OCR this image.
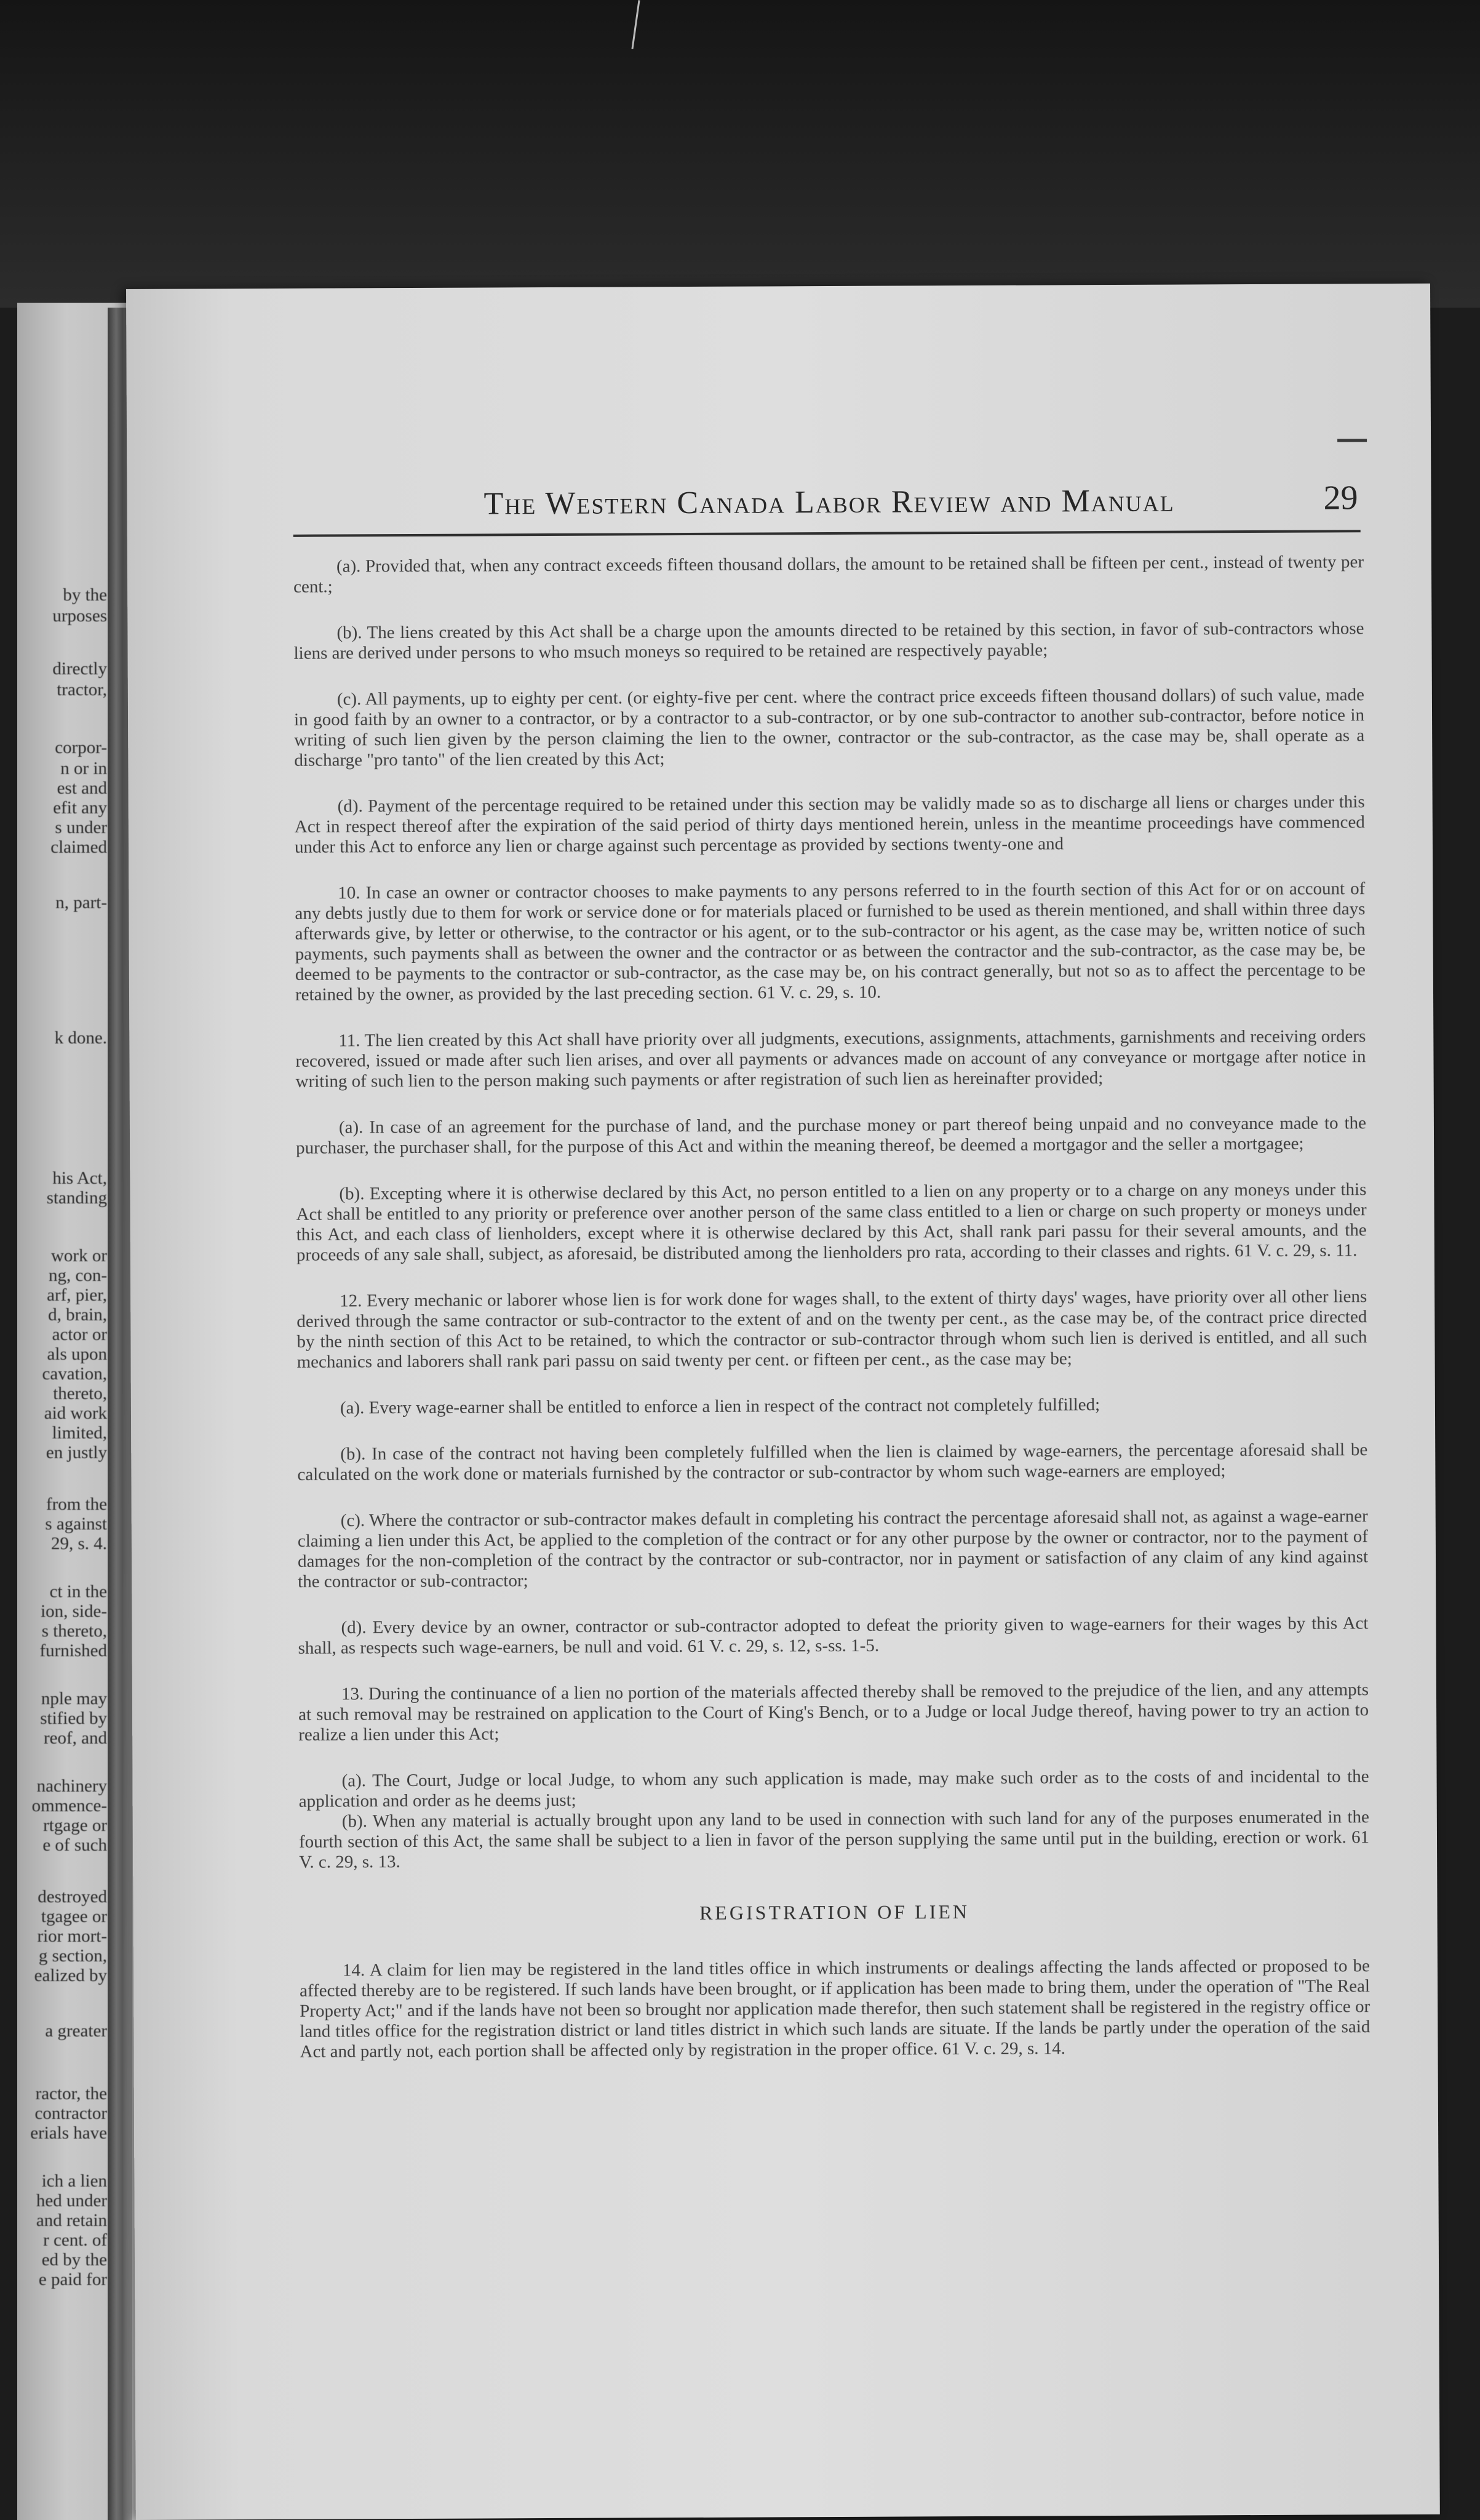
by the
urposes
directly
tractor,
corpor-
n or in
est and
efit any
s under
claimed
n, part-
k done.
his Act,
standing
work or
ng, con-
arf, pier,
d, brain,
actor or
als upon
cavation,
thereto,
aid work
limited,
en justly
from the
s against
29, s. 4.
ct in the
ion, side-
s thereto,
furnished
nple may
stified by
reof, and
nachinery
ommence-
rtgage or
e of such
destroyed
tgagee or
rior mort-
g section,
ealized by
a greater
ractor, the
contractor
erials have
ich a lien
hed under
and retain
r cent. of
ed by the
e paid for
The Western Canada Labor Review and Manual	29

(a). Provided that, when any contract exceeds fifteen thousand dollars, the amount to be retained shall be fifteen per cent., instead of twenty per cent.;

(b). The liens created by this Act shall be a charge upon the amounts directed to be retained by this section, in favor of sub-contractors whose liens are derived under persons to who msuch moneys so required to be retained are respectively payable;

(c). All payments, up to eighty per cent. (or eighty-five per cent. where the contract price exceeds fifteen thousand dollars) of such value, made in good faith by an owner to a contractor, or by a contractor to a sub-contractor, or by one sub-contractor to another sub-contractor, before notice in writing of such lien given by the person claiming the lien to the owner, contractor or the sub-contractor, as the case may be, shall operate as a discharge "pro tanto" of the lien created by this Act;

(d). Payment of the percentage required to be retained under this section may be validly made so as to discharge all liens or charges under this Act in respect thereof after the expiration of the said period of thirty days mentioned herein, unless in the meantime proceedings have commenced under this Act to enforce any lien or charge against such percentage as provided by sections twenty-one and

10. In case an owner or contractor chooses to make payments to any persons referred to in the fourth section of this Act for or on account of any debts justly due to them for work or service done or for materials placed or furnished to be used as therein mentioned, and shall within three days afterwards give, by letter or otherwise, to the contractor or his agent, or to the sub-contractor or his agent, as the case may be, written notice of such payments, such payments shall as between the owner and the contractor or as between the contractor and the sub-contractor, as the case may be, be deemed to be payments to the contractor or sub-contractor, as the case may be, on his contract generally, but not so as to affect the percentage to be retained by the owner, as provided by the last preceding section. 61 V. c. 29, s. 10.

11. The lien created by this Act shall have priority over all judgments, executions, assignments, attachments, garnishments and receiving orders recovered, issued or made after such lien arises, and over all payments or advances made on account of any conveyance or mortgage after notice in writing of such lien to the person making such payments or after registration of such lien as hereinafter provided;

(a). In case of an agreement for the purchase of land, and the purchase money or part thereof being unpaid and no conveyance made to the purchaser, the purchaser shall, for the purpose of this Act and within the meaning thereof, be deemed a mortgagor and the seller a mortgagee;

(b). Excepting where it is otherwise declared by this Act, no person entitled to a lien on any property or to a charge on any moneys under this Act shall be entitled to any priority or preference over another person of the same class entitled to a lien or charge on such property or moneys under this Act, and each class of lienholders, except where it is otherwise declared by this Act, shall rank pari passu for their several amounts, and the proceeds of any sale shall, subject, as aforesaid, be distributed among the lienholders pro rata, according to their classes and rights. 61 V. c. 29, s. 11.

12. Every mechanic or laborer whose lien is for work done for wages shall, to the extent of thirty days' wages, have priority over all other liens derived through the same contractor or sub-contractor to the extent of and on the twenty per cent., as the case may be, of the contract price directed by the ninth section of this Act to be retained, to which the contractor or sub-contractor through whom such lien is derived is entitled, and all such mechanics and laborers shall rank pari passu on said twenty per cent. or fifteen per cent., as the case may be;

(a). Every wage-earner shall be entitled to enforce a lien in respect of the contract not completely fulfilled;

(b). In case of the contract not having been completely fulfilled when the lien is claimed by wage-earners, the percentage aforesaid shall be calculated on the work done or materials furnished by the contractor or sub-contractor by whom such wage-earners are employed;

(c). Where the contractor or sub-contractor makes default in completing his contract the percentage aforesaid shall not, as against a wage-earner claiming a lien under this Act, be applied to the completion of the contract or for any other purpose by the owner or contractor, nor to the payment of damages for the non-completion of the contract by the contractor or sub-contractor, nor in payment or satisfaction of any claim of any kind against the contractor or sub-contractor;

(d). Every device by an owner, contractor or sub-contractor adopted to defeat the priority given to wage-earners for their wages by this Act shall, as respects such wage-earners, be null and void. 61 V. c. 29, s. 12, s-ss. 1-5.

13. During the continuance of a lien no portion of the materials affected thereby shall be removed to the prejudice of the lien, and any attempts at such removal may be restrained on application to the Court of King's Bench, or to a Judge or local Judge thereof, having power to try an action to realize a lien under this Act;

(a). The Court, Judge or local Judge, to whom any such application is made, may make such order as to the costs of and incidental to the application and order as he deems just;

(b). When any material is actually brought upon any land to be used in connection with such land for any of the purposes enumerated in the fourth section of this Act, the same shall be subject to a lien in favor of the person supplying the same until put in the building, erection or work. 61 V. c. 29, s. 13.

REGISTRATION OF LIEN

14. A claim for lien may be registered in the land titles office in which instruments or dealings affecting the lands affected or proposed to be affected thereby are to be registered. If such lands have been brought, or if application has been made to bring them, under the operation of "The Real Property Act;" and if the lands have not been so brought nor application made therefor, then such statement shall be registered in the registry office or land titles office for the registration district or land titles district in which such lands are situate. If the lands be partly under the operation of the said Act and partly not, each portion shall be affected only by registration in the proper office. 61 V. c. 29, s. 14.
